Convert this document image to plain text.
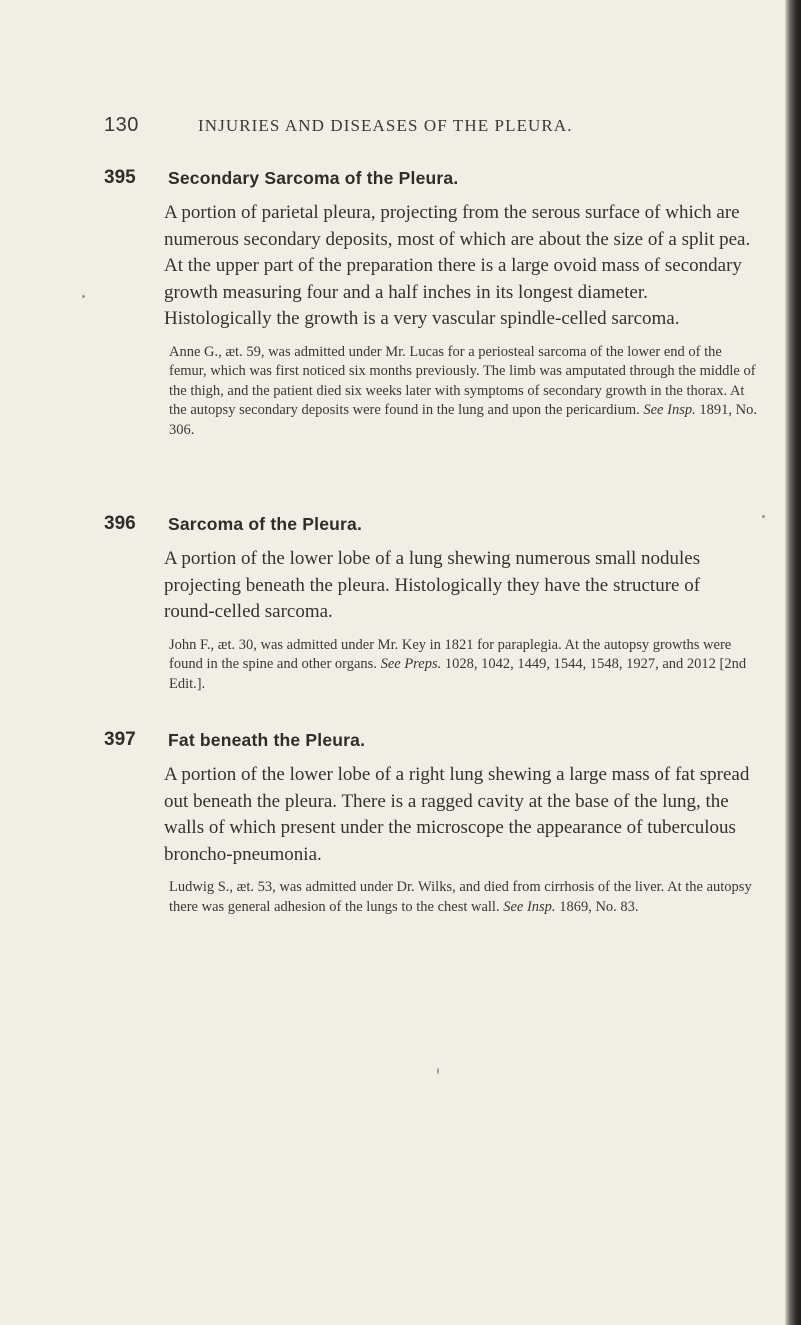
130	INJURIES AND DISEASES OF THE PLEURA.
395 Secondary Sarcoma of the Pleura.

A portion of parietal pleura, projecting from the serous surface of which are numerous secondary deposits, most of which are about the size of a split pea. At the upper part of the preparation there is a large ovoid mass of secondary growth measuring four and a half inches in its longest diameter. Histologically the growth is a very vascular spindle-celled sarcoma.

Anne G., æt. 59, was admitted under Mr. Lucas for a periosteal sarcoma of the lower end of the femur, which was first noticed six months previously. The limb was amputated through the middle of the thigh, and the patient died six weeks later with symptoms of secondary growth in the thorax. At the autopsy secondary deposits were found in the lung and upon the pericardium. See Insp. 1891, No. 306.

396 Sarcoma of the Pleura.

A portion of the lower lobe of a lung shewing numerous small nodules projecting beneath the pleura. Histologically they have the structure of round-celled sarcoma.

John F., æt. 30, was admitted under Mr. Key in 1821 for paraplegia. At the autopsy growths were found in the spine and other organs. See Preps. 1028, 1042, 1449, 1544, 1548, 1927, and 2012 [2nd Edit.].

397 Fat beneath the Pleura.

A portion of the lower lobe of a right lung shewing a large mass of fat spread out beneath the pleura. There is a ragged cavity at the base of the lung, the walls of which present under the microscope the appearance of tuberculous broncho-pneumonia.

Ludwig S., æt. 53, was admitted under Dr. Wilks, and died from cirrhosis of the liver. At the autopsy there was general adhesion of the lungs to the chest wall. See Insp. 1869, No. 83.
